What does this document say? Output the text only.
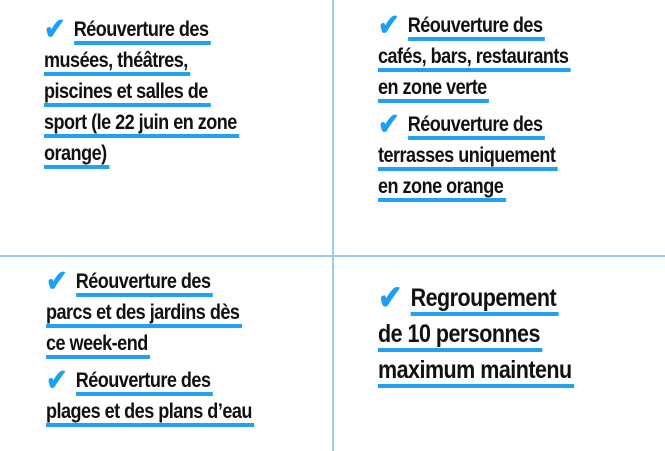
✔ Réouverture des
musées, théâtres,
piscines et salles de
sport (le 22 juin en zone
orange)
✔ Réouverture des
cafés, bars, restaurants
en zone verte
✔ Réouverture des
terrasses uniquement
en zone orange
✔ Réouverture des
parcs et des jardins dès
ce week-end
✔ Réouverture des
plages et des plans d’eau
✔ Regroupement
de 10 personnes
maximum maintenu
